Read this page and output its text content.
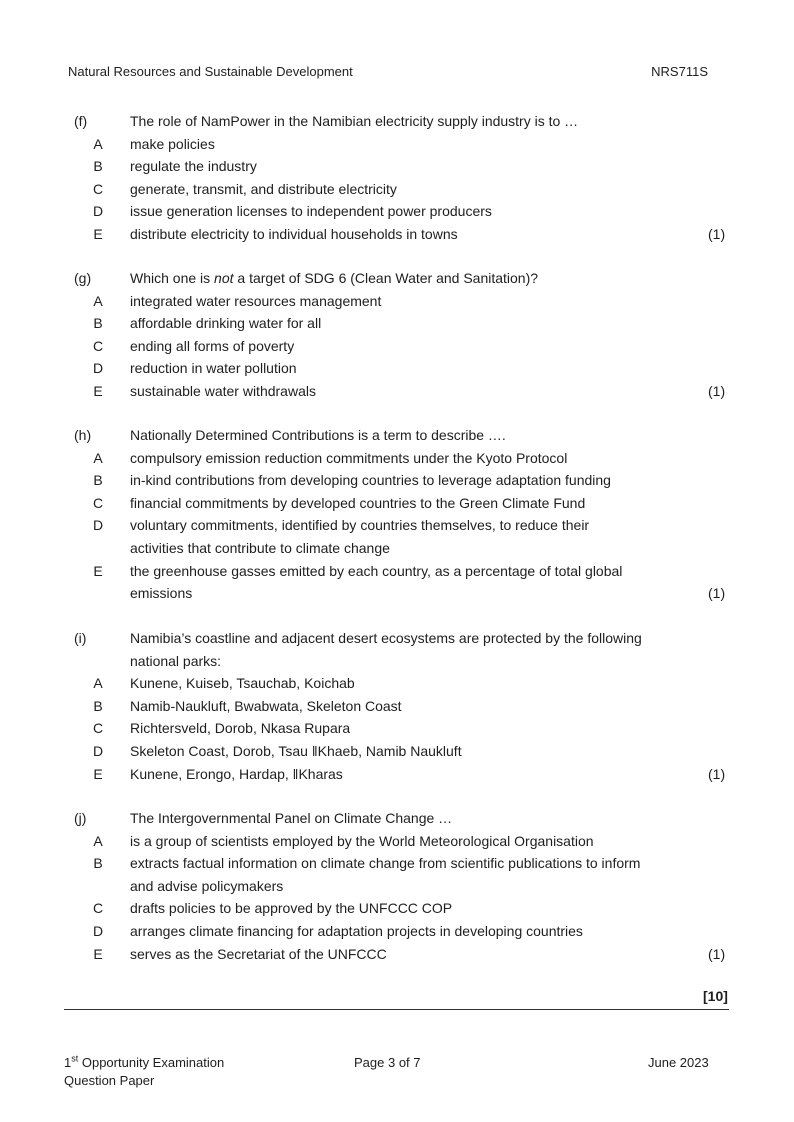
Natural Resources and Sustainable Development	NRS711S
(f)	The role of NamPower in the Namibian electricity supply industry is to …
A make policies
B regulate the industry
C generate, transmit, and distribute electricity
D issue generation licenses to independent power producers
E distribute electricity to individual households in towns	(1)
(g)	Which one is not a target of SDG 6 (Clean Water and Sanitation)?
A integrated water resources management
B affordable drinking water for all
C ending all forms of poverty
D reduction in water pollution
E sustainable water withdrawals	(1)
(h)	Nationally Determined Contributions is a term to describe ….
A compulsory emission reduction commitments under the Kyoto Protocol
B in-kind contributions from developing countries to leverage adaptation funding
C financial commitments by developed countries to the Green Climate Fund
D voluntary commitments, identified by countries themselves, to reduce their
activities that contribute to climate change
E the greenhouse gasses emitted by each country, as a percentage of total global
emissions	(1)
(i)	Namibia’s coastline and adjacent desert ecosystems are protected by the following
national parks:
A Kunene, Kuiseb, Tsauchab, Koichab
B Namib-Naukluft, Bwabwata, Skeleton Coast
C Richtersveld, Dorob, Nkasa Rupara
D Skeleton Coast, Dorob, Tsau ǁKhaeb, Namib Naukluft
E Kunene, Erongo, Hardap, ǁKharas	(1)
(j)	The Intergovernmental Panel on Climate Change …
A is a group of scientists employed by the World Meteorological Organisation
B extracts factual information on climate change from scientific publications to inform
and advise policymakers
C drafts policies to be approved by the UNFCCC COP
D arranges climate financing for adaptation projects in developing countries
E serves as the Secretariat of the UNFCCC	(1)
[10]
1st Opportunity Examination
Question Paper
Page 3 of 7	June 2023
